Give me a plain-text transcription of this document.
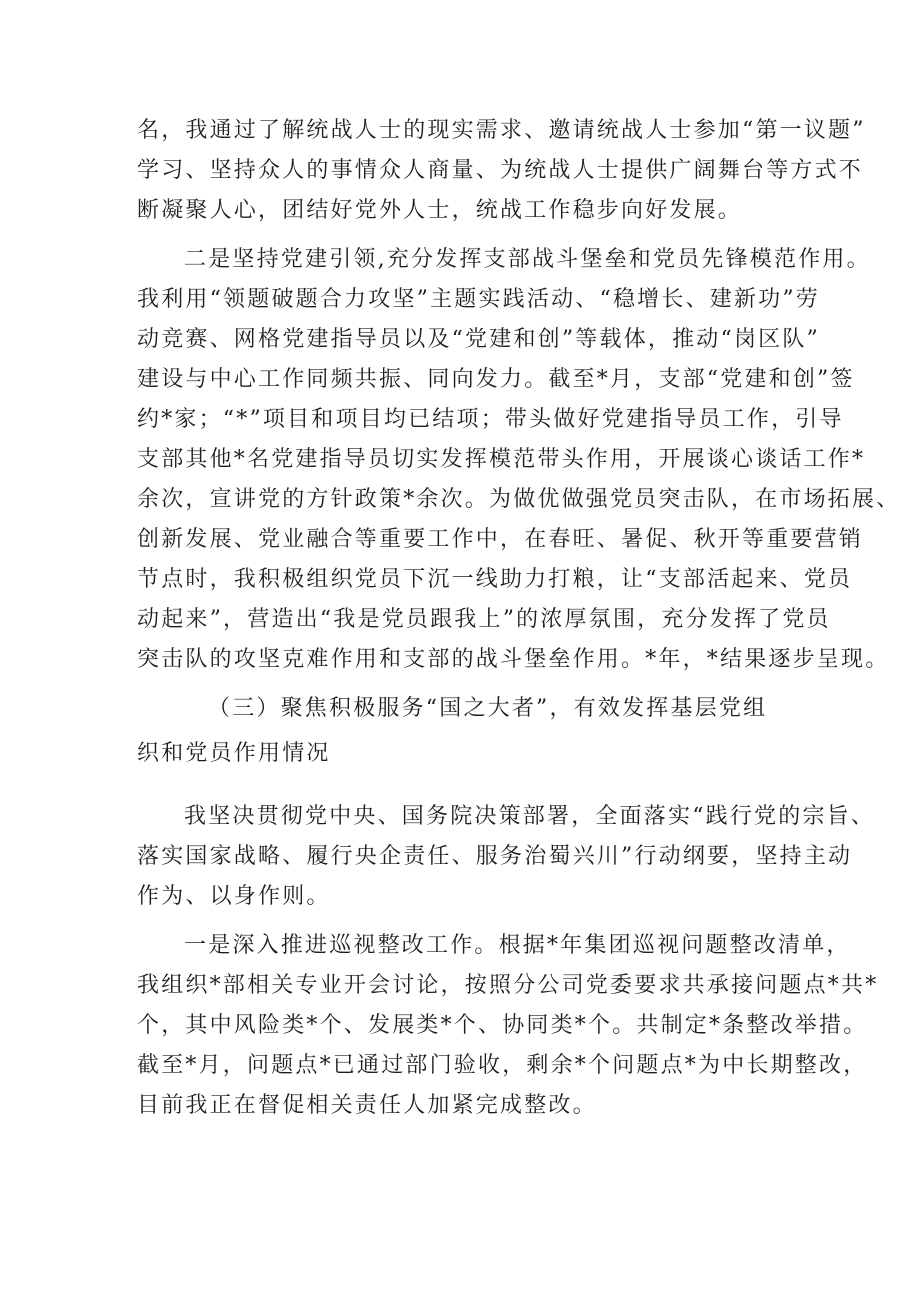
名，我通过了解统战人士的现实需求、邀请统战人士参加“第一议题”

学习、坚持众人的事情众人商量、为统战人士提供广阔舞台等方式不

断凝聚人心，团结好党外人士，统战工作稳步向好发展。

二是坚持党建引领,充分发挥支部战斗堡垒和党员先锋模范作用。

我利用“领题破题合力攻坚”主题实践活动、“稳增长、建新功”劳

动竞赛、网格党建指导员以及“党建和创”等载体，推动“岗区队”

建设与中心工作同频共振、同向发力。截至*月，支部“党建和创”签

约*家；“*”项目和项目均已结项；带头做好党建指导员工作，引导

支部其他*名党建指导员切实发挥模范带头作用，开展谈心谈话工作*

余次，宣讲党的方针政策*余次。为做优做强党员突击队，在市场拓展、

创新发展、党业融合等重要工作中，在春旺、暑促、秋开等重要营销

节点时，我积极组织党员下沉一线助力打粮，让“支部活起来、党员

动起来”，营造出“我是党员跟我上”的浓厚氛围，充分发挥了党员

突击队的攻坚克难作用和支部的战斗堡垒作用。*年，*结果逐步呈现。

（三）聚焦积极服务“国之大者”，有效发挥基层党组

织和党员作用情况

我坚决贯彻党中央、国务院决策部署，全面落实“践行党的宗旨、

落实国家战略、履行央企责任、服务治蜀兴川”行动纲要，坚持主动

作为、以身作则。

一是深入推进巡视整改工作。根据*年集团巡视问题整改清单，

我组织*部相关专业开会讨论，按照分公司党委要求共承接问题点*共*

个，其中风险类*个、发展类*个、协同类*个。共制定*条整改举措。

截至*月，问题点*已通过部门验收，剩余*个问题点*为中长期整改，

目前我正在督促相关责任人加紧完成整改。
